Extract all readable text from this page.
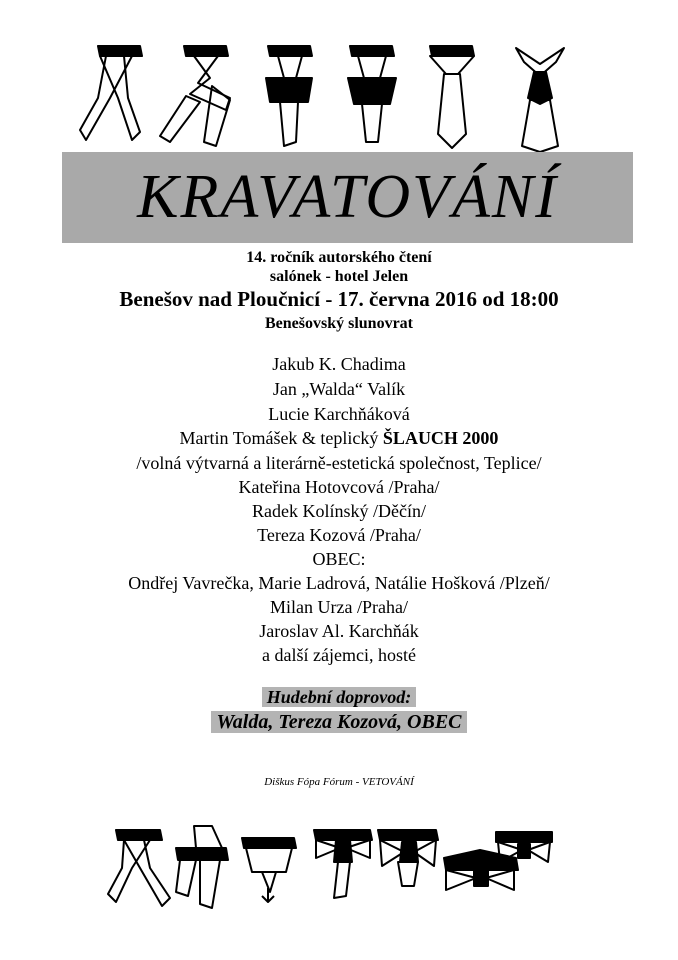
KRAVATOVÁNÍ
14. ročník autorského čtení
salónek - hotel Jelen
Benešov nad Ploučnicí - 17. června 2016 od 18:00
Benešovský slunovrat
Jakub K. Chadima
Jan „Walda“ Valík
Lucie Karchňáková
Martin Tomášek & teplický ŠLAUCH 2000
/volná výtvarná a literárně-estetická společnost, Teplice/
Kateřina Hotovcová /Praha/
Radek Kolínský /Děčín/
Tereza Kozová /Praha/
OBEC:
Ondřej Vavrečka, Marie Ladrová, Natálie Hošková /Plzeň/
Milan Urza /Praha/
Jaroslav Al. Karchňák
a další zájemci, hosté
Hudební doprovod:
Walda, Tereza Kozová, OBEC
Diškus Fópa Fórum - VETOVÁNÍ
